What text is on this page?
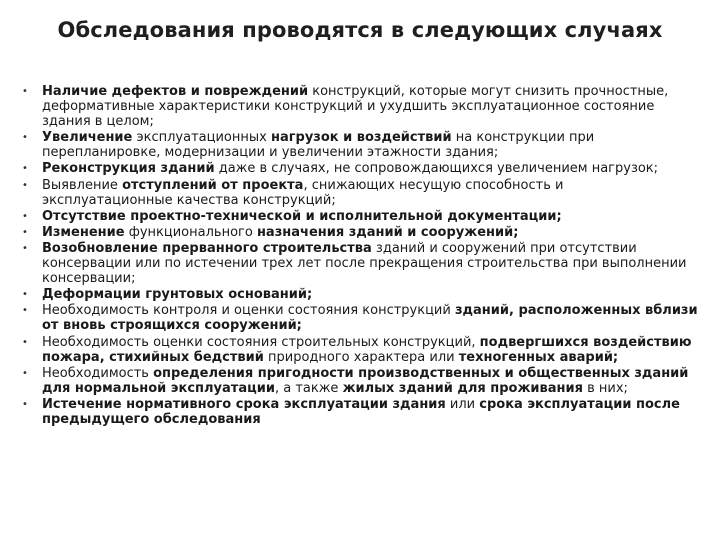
Обследования проводятся в следующих случаях
• Наличие дефектов и повреждений конструкций, которые могут снизить прочностные, деформативные характеристики конструкций и ухудшить эксплуатационное состояние здания в целом;
• Увеличение эксплуатационных нагрузок и воздействий на конструкции при перепланировке, модернизации и увеличении этажности здания;
• Реконструкция зданий даже в случаях, не сопровождающихся увеличением нагрузок;
• Выявление отступлений от проекта, снижающих несущую способность и эксплуатационные качества конструкций;
• Отсутствие проектно-технической и исполнительной документации;
• Изменение функционального назначения зданий и сооружений;
• Возобновление прерванного строительства зданий и сооружений при отсутствии консервации или по истечении трех лет после прекращения строительства при выполнении консервации;
• Деформации грунтовых оснований;
• Необходимость контроля и оценки состояния конструкций зданий, расположенных вблизи от вновь строящихся сооружений;
• Необходимость оценки состояния строительных конструкций, подвергшихся воздействию пожара, стихийных бедствий природного характера или техногенных аварий;
• Необходимость определения пригодности производственных и общественных зданий для нормальной эксплуатации, а также жилых зданий для проживания в них;
• Истечение нормативного срока эксплуатации здания или срока эксплуатации после предыдущего обследования
